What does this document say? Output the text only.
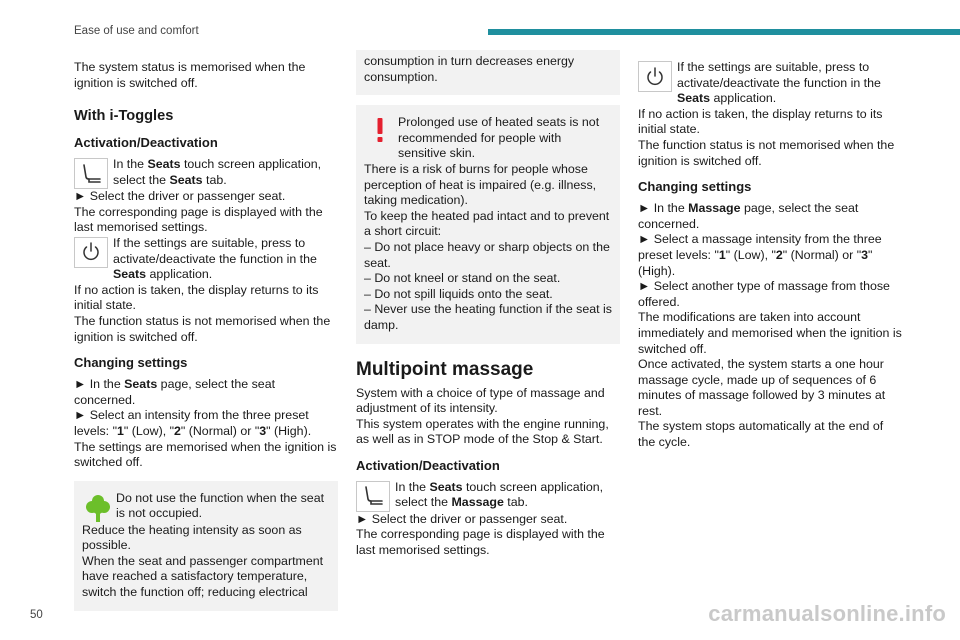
Ease of use and comfort

The system status is memorised when the ignition is switched off.

With i-Toggles
Activation/Deactivation

In the Seats touch screen application, select the Seats tab.

► Select the driver or passenger seat.

The corresponding page is displayed with the last memorised settings.

If the settings are suitable, press to activate/deactivate the function in the Seats application.

If no action is taken, the display returns to its initial state.

The function status is not memorised when the ignition is switched off.

Changing settings

► In the Seats page, select the seat concerned.

► Select an intensity from the three preset levels: "1" (Low), "2" (Normal) or "3" (High).

The settings are memorised when the ignition is switched off.

Do not use the function when the seat is not occupied.

Reduce the heating intensity as soon as possible.

When the seat and passenger compartment have reached a satisfactory temperature, switch the function off; reducing electrical

consumption in turn decreases energy consumption.

Prolonged use of heated seats is not recommended for people with sensitive skin.

There is a risk of burns for people whose perception of heat is impaired (e.g. illness, taking medication).

To keep the heated pad intact and to prevent a short circuit:

– Do not place heavy or sharp objects on the seat.

– Do not kneel or stand on the seat.

– Do not spill liquids onto the seat.

– Never use the heating function if the seat is damp.

Multipoint massage

System with a choice of type of massage and adjustment of its intensity.

This system operates with the engine running, as well as in STOP mode of the Stop & Start.

Activation/Deactivation

In the Seats touch screen application, select the Massage tab.

► Select the driver or passenger seat.

The corresponding page is displayed with the last memorised settings.

If the settings are suitable, press to activate/deactivate the function in the Seats application.

If no action is taken, the display returns to its initial state.

The function status is not memorised when the ignition is switched off.

Changing settings

► In the Massage page, select the seat concerned.

► Select a massage intensity from the three preset levels: "1" (Low), "2" (Normal) or "3" (High).

► Select another type of massage from those offered.

The modifications are taken into account immediately and memorised when the ignition is switched off.

Once activated, the system starts a one hour massage cycle, made up of sequences of 6 minutes of massage followed by 3 minutes at rest.

The system stops automatically at the end of the cycle.

50	carmanualsonline.info
